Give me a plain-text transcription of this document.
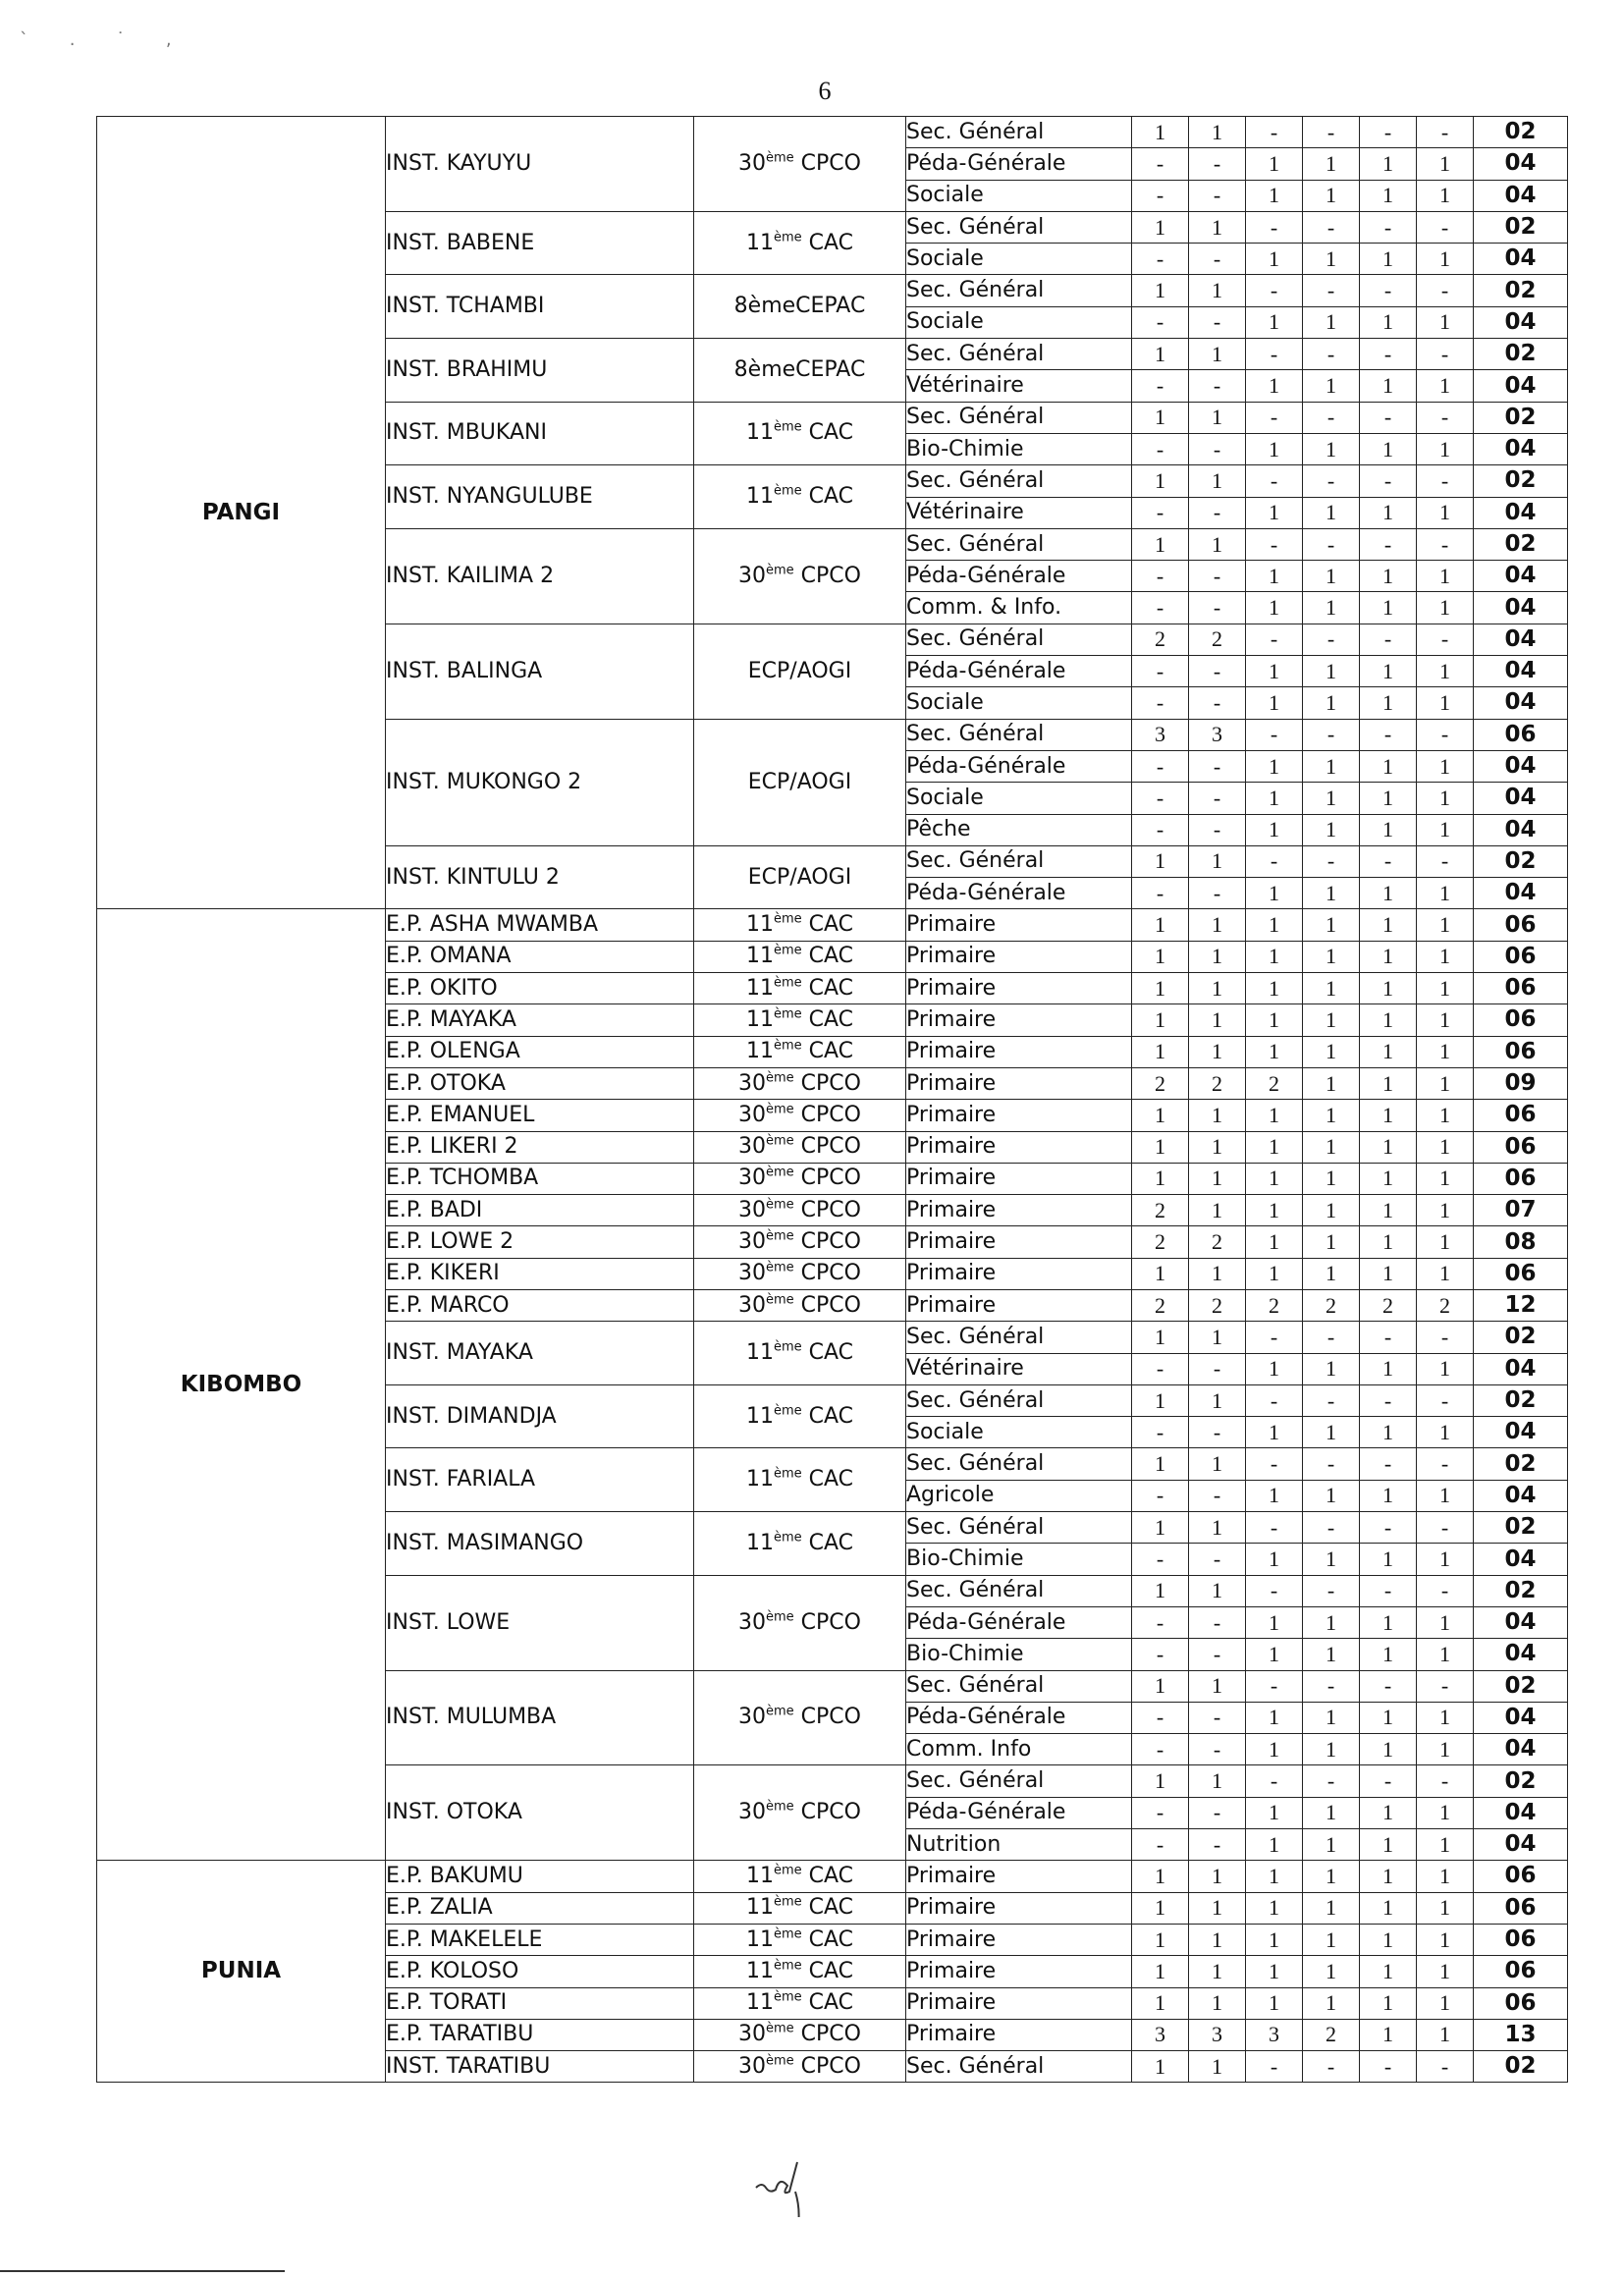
` . ˙ ,
6
PANGI	INST. KAYUYU	30ème CPCO	Sec. Général	1	1	-	-	-	-	02
			Péda-Générale	-	-	1	1	1	1	04
			Sociale	-	-	1	1	1	1	04
	INST. BABENE	11ème CAC	Sec. Général	1	1	-	-	-	-	02
			Sociale	-	-	1	1	1	1	04
	INST. TCHAMBI	8èmeCEPAC	Sec. Général	1	1	-	-	-	-	02
			Sociale	-	-	1	1	1	1	04
	INST. BRAHIMU	8èmeCEPAC	Sec. Général	1	1	-	-	-	-	02
			Vétérinaire	-	-	1	1	1	1	04
	INST. MBUKANI	11ème CAC	Sec. Général	1	1	-	-	-	-	02
			Bio-Chimie	-	-	1	1	1	1	04
	INST. NYANGULUBE	11ème CAC	Sec. Général	1	1	-	-	-	-	02
			Vétérinaire	-	-	1	1	1	1	04
	INST. KAILIMA 2	30ème CPCO	Sec. Général	1	1	-	-	-	-	02
			Péda-Générale	-	-	1	1	1	1	04
			Comm. & Info.	-	-	1	1	1	1	04
	INST. BALINGA	ECP/AOGI	Sec. Général	2	2	-	-	-	-	04
			Péda-Générale	-	-	1	1	1	1	04
			Sociale	-	-	1	1	1	1	04
	INST. MUKONGO 2	ECP/AOGI	Sec. Général	3	3	-	-	-	-	06
			Péda-Générale	-	-	1	1	1	1	04
			Sociale	-	-	1	1	1	1	04
			Pêche	-	-	1	1	1	1	04
	INST. KINTULU 2	ECP/AOGI	Sec. Général	1	1	-	-	-	-	02
			Péda-Générale	-	-	1	1	1	1	04
KIBOMBO	E.P. ASHA MWAMBA	11ème CAC	Primaire	1	1	1	1	1	1	06
	E.P. OMANA	11ème CAC	Primaire	1	1	1	1	1	1	06
	E.P. OKITO	11ème CAC	Primaire	1	1	1	1	1	1	06
	E.P. MAYAKA	11ème CAC	Primaire	1	1	1	1	1	1	06
	E.P. OLENGA	11ème CAC	Primaire	1	1	1	1	1	1	06
	E.P. OTOKA	30ème CPCO	Primaire	2	2	2	1	1	1	09
	E.P. EMANUEL	30ème CPCO	Primaire	1	1	1	1	1	1	06
	E.P. LIKERI 2	30ème CPCO	Primaire	1	1	1	1	1	1	06
	E.P. TCHOMBA	30ème CPCO	Primaire	1	1	1	1	1	1	06
	E.P. BADI	30ème CPCO	Primaire	2	1	1	1	1	1	07
	E.P. LOWE 2	30ème CPCO	Primaire	2	2	1	1	1	1	08
	E.P. KIKERI	30ème CPCO	Primaire	1	1	1	1	1	1	06
	E.P. MARCO	30ème CPCO	Primaire	2	2	2	2	2	2	12
	INST. MAYAKA	11ème CAC	Sec. Général	1	1	-	-	-	-	02
			Vétérinaire	-	-	1	1	1	1	04
	INST. DIMANDJA	11ème CAC	Sec. Général	1	1	-	-	-	-	02
			Sociale	-	-	1	1	1	1	04
	INST. FARIALA	11ème CAC	Sec. Général	1	1	-	-	-	-	02
			Agricole	-	-	1	1	1	1	04
	INST. MASIMANGO	11ème CAC	Sec. Général	1	1	-	-	-	-	02
			Bio-Chimie	-	-	1	1	1	1	04
	INST. LOWE	30ème CPCO	Sec. Général	1	1	-	-	-	-	02
			Péda-Générale	-	-	1	1	1	1	04
			Bio-Chimie	-	-	1	1	1	1	04
	INST. MULUMBA	30ème CPCO	Sec. Général	1	1	-	-	-	-	02
			Péda-Générale	-	-	1	1	1	1	04
			Comm. Info	-	-	1	1	1	1	04
	INST. OTOKA	30ème CPCO	Sec. Général	1	1	-	-	-	-	02
			Péda-Générale	-	-	1	1	1	1	04
			Nutrition	-	-	1	1	1	1	04
PUNIA	E.P. BAKUMU	11ème CAC	Primaire	1	1	1	1	1	1	06
	E.P. ZALIA	11ème CAC	Primaire	1	1	1	1	1	1	06
	E.P. MAKELELE	11ème CAC	Primaire	1	1	1	1	1	1	06
	E.P. KOLOSO	11ème CAC	Primaire	1	1	1	1	1	1	06
	E.P. TORATI	11ème CAC	Primaire	1	1	1	1	1	1	06
	E.P. TARATIBU	30ème CPCO	Primaire	3	3	3	2	1	1	13
	INST. TARATIBU	30ème CPCO	Sec. Général	1	1	-	-	-	-	02
